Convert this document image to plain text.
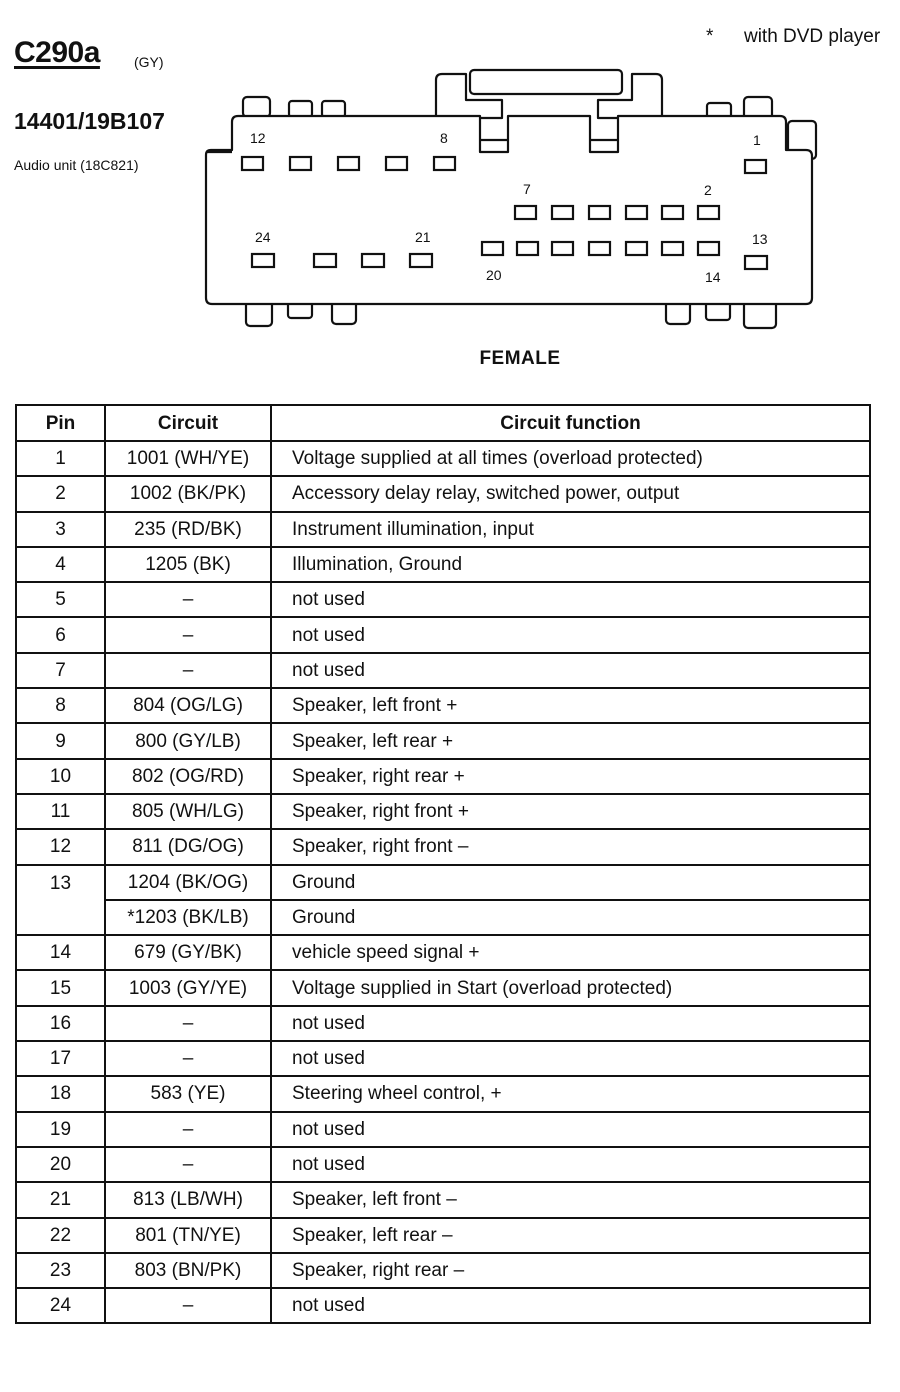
C290a (GY)
14401/19B107
Audio unit (18C821)
* with DVD player
12	8	1
7	2
24	21	13
20	14
FEMALE
Pin	Circuit	Circuit function
1	1001 (WH/YE)	Voltage supplied at all times (overload protected)
2	1002 (BK/PK)	Accessory delay relay, switched power, output
3	235 (RD/BK)	Instrument illumination, input
4	1205 (BK)	Illumination, Ground
5	–	not used
6	–	not used
7	–	not used
8	804 (OG/LG)	Speaker, left front +
9	800 (GY/LB)	Speaker, left rear +
10	802 (OG/RD)	Speaker, right rear +
11	805 (WH/LG)	Speaker, right front +
12	811 (DG/OG)	Speaker, right front –
13	1204 (BK/OG)	Ground
	*1203 (BK/LB)	Ground
14	679 (GY/BK)	vehicle speed signal +
15	1003 (GY/YE)	Voltage supplied in Start (overload protected)
16	–	not used
17	–	not used
18	583 (YE)	Steering wheel control, +
19	–	not used
20	–	not used
21	813 (LB/WH)	Speaker, left front –
22	801 (TN/YE)	Speaker, left rear –
23	803 (BN/PK)	Speaker, right rear –
24	–	not used
